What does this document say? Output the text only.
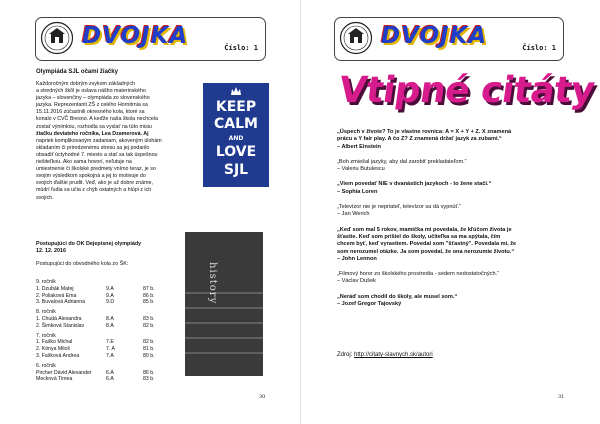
DVOJKA	Číslo: 1
Olympiáda SJL očami žiačky
Každoročným dobrým zvykom základných
a stredných škôl je oslava nášho materinského
jazyka – slovenčiny – olympiáda zo slovenského
jazyka. Reprezentanti ZŠ z celého Hornitrnia sa
15.11.2016 zúčastnili okresného kola, ktoré sa
konalo v CVČ Bresno. A keďže naša škola nechcela
zostať výnimkou, rozhodla sa vyslať na túto misiu
žiačku deviateho ročníka, Lea Dzamerová. Aj
napriek komplikovaným zadaniam, akoveným úlohám
skladaním či prirodzenému stresu sa jej podarilo
obsadiť úctyhodné 7. miesto a stať sa tak úspešnou
riešiteľkou. Ako sama hovorí, neľutuje na
umiestnenie či školské predmety vnímo teraz, je so
svojim výsledkom spokojná a jej to motivuje do
svojich ďalšie prudit. Veď, ako je už dobre známe,
múdrí ľudia sa učia z chýb ostatných a hlúpi z ich
svojich.
KEEP
CALM
AND
LOVE
SJL
Postupujúci do OK Dejepisnej olympiády
12. 12. 2016
Postupujúci do obvodného kola zo ŠK:
9. ročník
1. Dzubák Matej	9.A	87 b.
2. Poliaková Ema	9.A	86 b.
3. Buvalová Adrianna	9.D	85 b.
8. ročník
1. Chudá Alexandra	8.A	83 b.
2. Šimková Stanislav	8.A	82 b.
7. ročník
1. Faško Michal	7.E	82 b.
2. Kónya Miloš	7. A	81 b.
3. Fašková Andrea	7.A	80 b.
6. ročník
Pircher Dávid Alexander	6.A	86 b.
Mecková Timea	6.A	83 b.
history
30
DVOJKA	Číslo: 1
Vtipné citáty
„Úspech v živote? To je vlastne rovnica: A = X + Y + Z. X znamená
prácu a Y fair play. A čo Z? Z znamená držať jazyk za zubami.“
– Albert Einstein
„Boh zmiešal jazyky, aby dal zarobiť prekladateľom.“
– Valeriu Butulescu
„Viem povedať NIE v dvanástich jazykoch - to žene stačí.“
– Sophia Loren
„Televízor nie je nepriateľ, televízor sa dá vypnúť.“
– Jan Werich
„Keď som mal 5 rokov, mamička mi povedala, že kľúčom života je
šťastie. Keď som prišiel do školy, učiteľka sa ma spýtala, čím
chcem byť, keď vyrastiem. Povedal som "šťastný". Povedala mi, že
som nerozumel otázke. Ja som povedal, že ona nerozumie životu.“
– John Lennon
„Filmový horor zo školského prostredia - sedem nedostatočných.“
– Václav Dušek
„Neráď som chodil do školy, ale musel som.“
– Jozef Gregor Tajovský
Zdroj: http://citaty-slavnych.sk/autori
31
